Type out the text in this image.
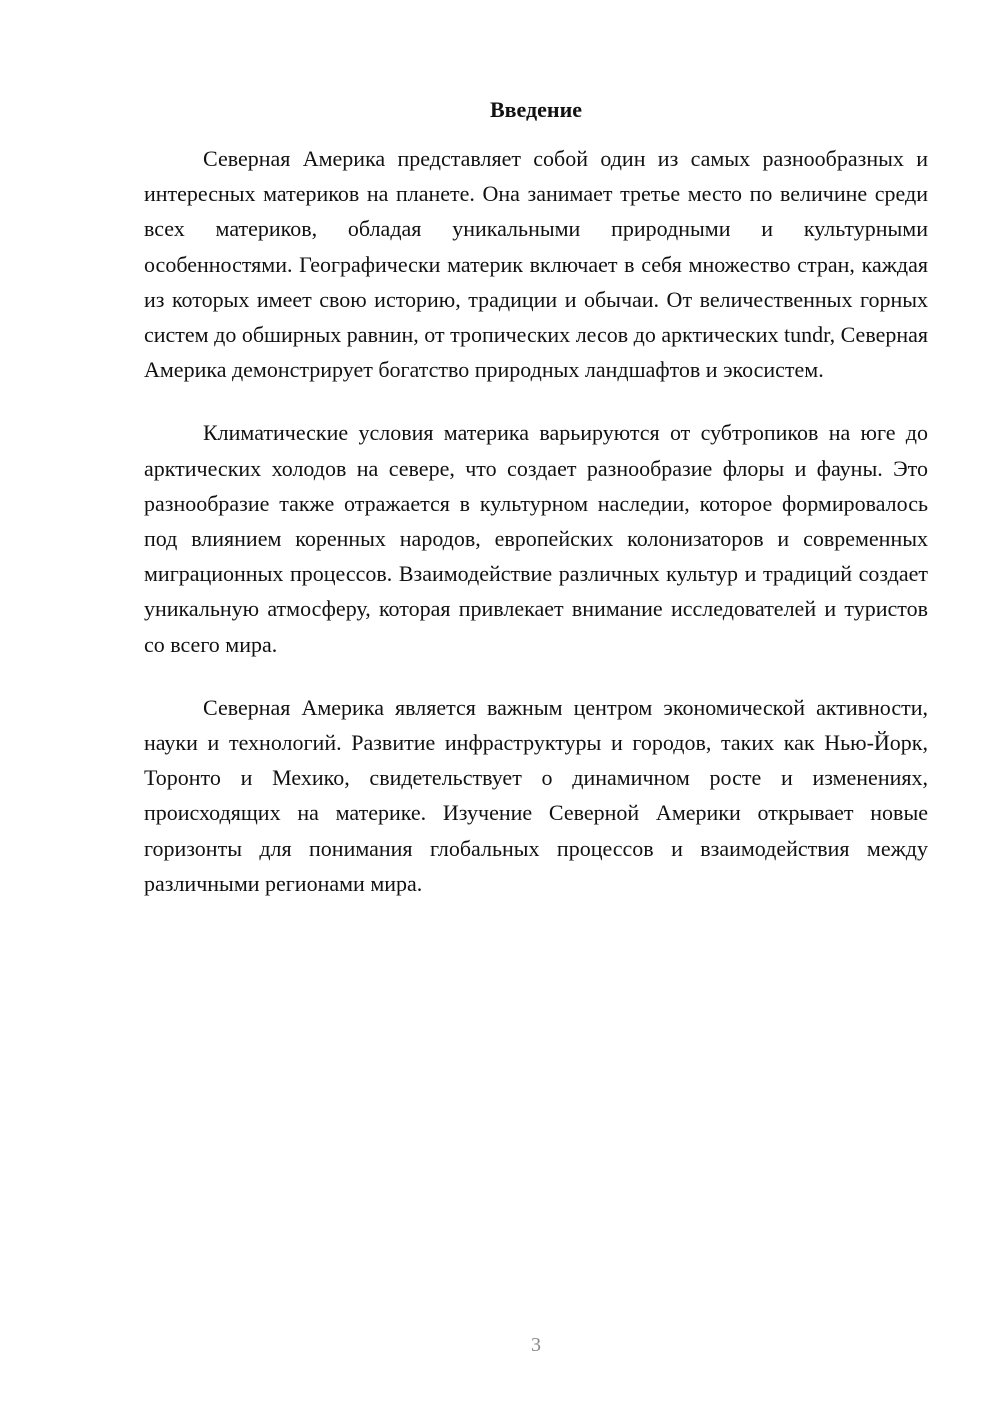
Введение

Северная Америка представляет собой один из самых разнообразных и интересных материков на планете. Она занимает третье место по величине среди всех материков, обладая уникальными природными и культурными особенностями. Географически материк включает в себя множество стран, каждая из которых имеет свою историю, традиции и обычаи. От величественных горных систем до обширных равнин, от тропических лесов до арктических tundr, Северная Америка демонстрирует богатство природных ландшафтов и экосистем.

Климатические условия материка варьируются от субтропиков на юге до арктических холодов на севере, что создает разнообразие флоры и фауны. Это разнообразие также отражается в культурном наследии, которое формировалось под влиянием коренных народов, европейских колонизаторов и современных миграционных процессов. Взаимодействие различных культур и традиций создает уникальную атмосферу, которая привлекает внимание исследователей и туристов со всего мира.

Северная Америка является важным центром экономической активности, науки и технологий. Развитие инфраструктуры и городов, таких как Нью-Йорк, Торонто и Мехико, свидетельствует о динамичном росте и изменениях, происходящих на материке. Изучение Северной Америки открывает новые горизонты для понимания глобальных процессов и взаимодействия между различными регионами мира.

3
